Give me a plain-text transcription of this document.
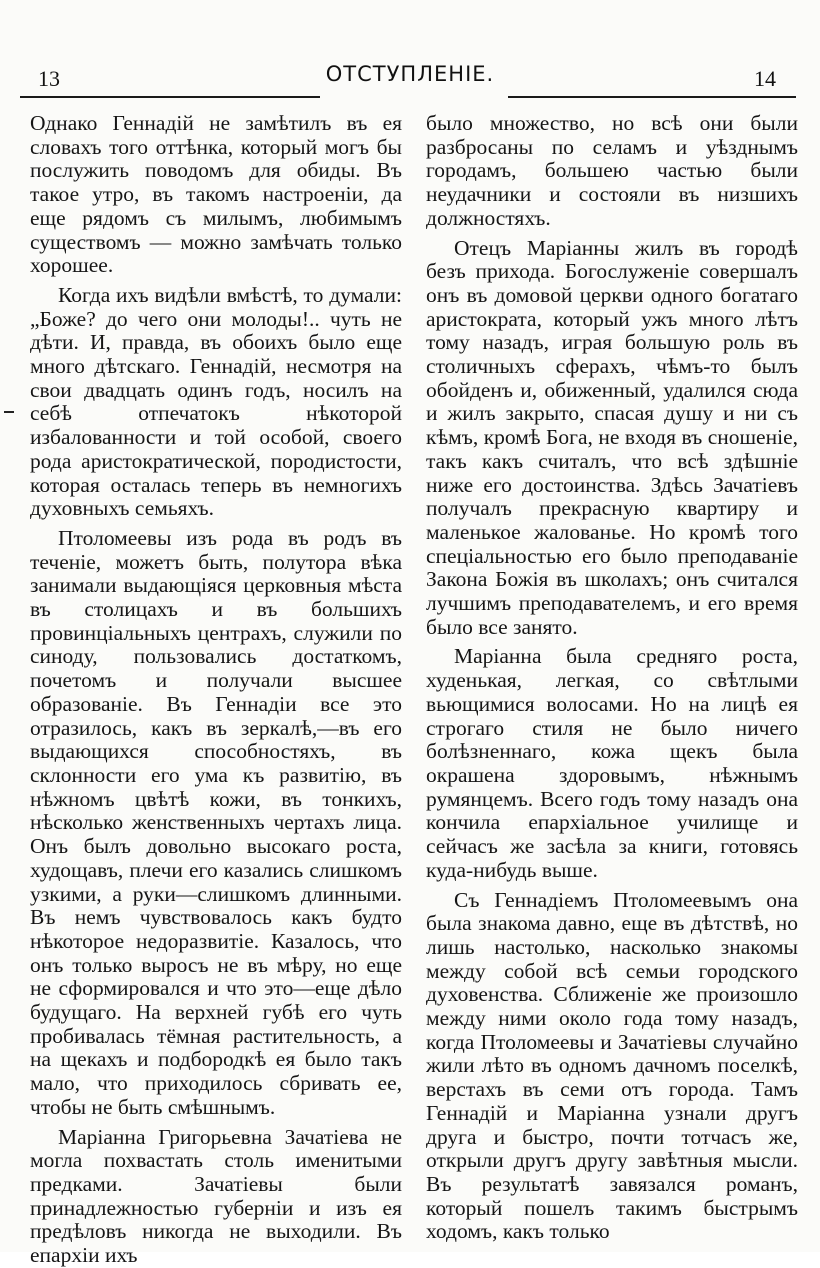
13	ОТСТУПЛЕНIЕ.	14

Однако Геннадій не замѣтилъ въ ея словахъ того оттѣнка, который могъ бы послужить поводомъ для обиды. Въ такое утро, въ такомъ настроеніи, да еще рядомъ съ милымъ, любимымъ существомъ — можно замѣчать только хорошее.

Когда ихъ видѣли вмѣстѣ, то думали: „Боже? до чего они молоды!.. чуть не дѣти. И, правда, въ обоихъ было еще много дѣтскаго. Геннадій, несмотря на свои двадцать одинъ годъ, носилъ на себѣ отпечатокъ нѣкоторой избалованности и той особой, своего рода аристократической, породистости, которая осталась теперь въ немногихъ духовныхъ семьяхъ.

Птоломеевы изъ рода въ родъ въ теченіе, можетъ быть, полутора вѣка занимали выдающіяся церковныя мѣста въ столицахъ и въ большихъ провинціальныхъ центрахъ, служили по синоду, пользовались достаткомъ, почетомъ и получали высшее образованіе. Въ Геннадіи все это отразилось, какъ въ зеркалѣ,—въ его выдающихся способностяхъ, въ склонности его ума къ развитію, въ нѣжномъ цвѣтѣ кожи, въ тонкихъ, нѣсколько женственныхъ чертахъ лица. Онъ былъ довольно высокаго роста, худощавъ, плечи его казались слишкомъ узкими, а руки—слишкомъ длинными. Въ немъ чувствовалось какъ будто нѣкоторое недоразвитіе. Казалось, что онъ только выросъ не въ мѣру, но еще не сформировался и что это—еще дѣло будущаго. На верхней губѣ его чуть пробивалась тёмная растительность, а на щекахъ и подбородкѣ ея было такъ мало, что приходилось сбривать ее, чтобы не быть смѣшнымъ.

Маріанна Григорьевна Зачатіева не могла похвастать столь именитыми предками. Зачатіевы были принадлежностью губерніи и изъ ея предѣловъ никогда не выходили. Въ епархіи ихъ

было множество, но всѣ они были разбросаны по селамъ и уѣзднымъ городамъ, большею частью были неудачники и состояли въ низшихъ должностяхъ.

Отецъ Маріанны жилъ въ городѣ безъ прихода. Богослуженіе совершалъ онъ въ домовой церкви одного богатаго аристократа, который ужъ много лѣтъ тому назадъ, играя большую роль въ столичныхъ сферахъ, чѣмъ-то былъ обойденъ и, обиженный, удалился сюда и жилъ закрыто, спасая душу и ни съ кѣмъ, кромѣ Бога, не входя въ сношеніе, такъ какъ считалъ, что всѣ здѣшніе ниже его достоинства. Здѣсь Зачатіевъ получалъ прекрасную квартиру и маленькое жалованье. Но кромѣ того спеціальностью его было преподаваніе Закона Божія въ школахъ; онъ считался лучшимъ преподавателемъ, и его время было все занято.

Маріанна была средняго роста, худенькая, легкая, со свѣтлыми вьющимися волосами. Но на лицѣ ея строгаго стиля не было ничего болѣзненнаго, кожа щекъ была окрашена здоровымъ, нѣжнымъ румянцемъ. Всего годъ тому назадъ она кончила епархіальное училище и сейчасъ же засѣла за книги, готовясь куда-нибудь выше.

Съ Геннадіемъ Птоломеевымъ она была знакома давно, еще въ дѣтствѣ, но лишь настолько, насколько знакомы между собой всѣ семьи городского духовенства. Сближеніе же произошло между ними около года тому назадъ, когда Птоломеевы и Зачатіевы случайно жили лѣто въ одномъ дачномъ поселкѣ, верстахъ въ семи отъ города. Тамъ Геннадій и Маріанна узнали другъ друга и быстро, почти тотчасъ же, открыли другъ другу завѣтныя мысли. Въ результатѣ завязался романъ, который пошелъ такимъ быстрымъ ходомъ, какъ только
